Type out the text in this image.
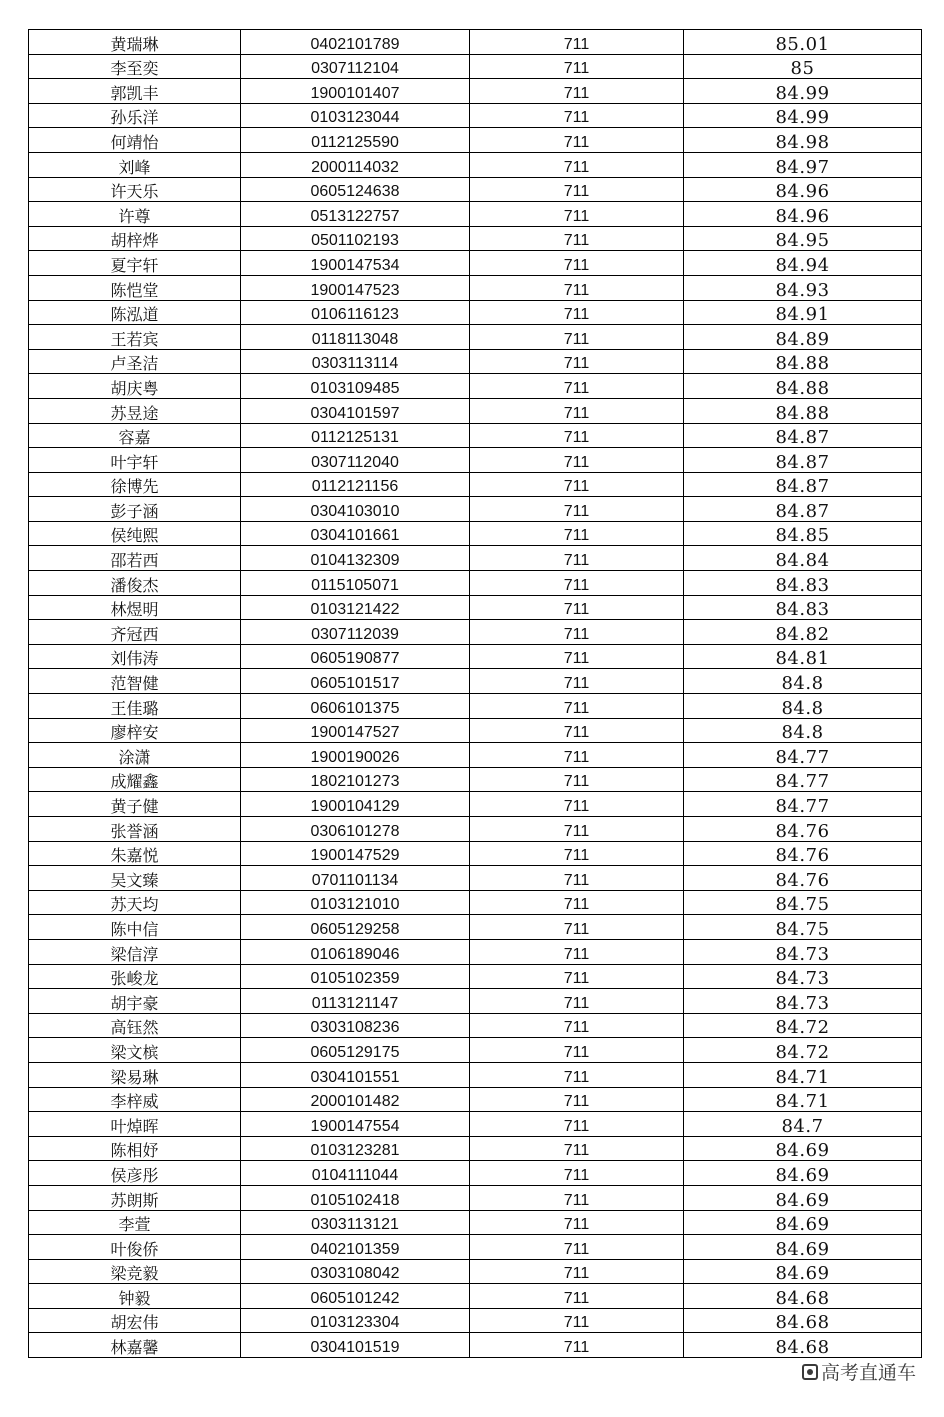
黄瑞琳	0402101789	711	85.01
李至奕	0307112104	711	85
郭凯丰	1900101407	711	84.99
孙乐洋	0103123044	711	84.99
何靖怡	0112125590	711	84.98
刘峰	2000114032	711	84.97
许天乐	0605124638	711	84.96
许尊	0513122757	711	84.96
胡梓烨	0501102193	711	84.95
夏宇轩	1900147534	711	84.94
陈恺堂	1900147523	711	84.93
陈泓道	0106116123	711	84.91
王若宾	0118113048	711	84.89
卢圣洁	0303113114	711	84.88
胡庆粤	0103109485	711	84.88
苏昱途	0304101597	711	84.88
容嘉	0112125131	711	84.87
叶宇轩	0307112040	711	84.87
徐博先	0112121156	711	84.87
彭子涵	0304103010	711	84.87
侯纯熙	0304101661	711	84.85
邵若西	0104132309	711	84.84
潘俊杰	0115105071	711	84.83
林煜明	0103121422	711	84.83
齐冠西	0307112039	711	84.82
刘伟涛	0605190877	711	84.81
范智健	0605101517	711	84.8
王佳璐	0606101375	711	84.8
廖梓安	1900147527	711	84.8
涂潇	1900190026	711	84.77
成耀鑫	1802101273	711	84.77
黄子健	1900104129	711	84.77
张誉涵	0306101278	711	84.76
朱嘉悦	1900147529	711	84.76
吴文臻	0701101134	711	84.76
苏天均	0103121010	711	84.75
陈中信	0605129258	711	84.75
梁信淳	0106189046	711	84.73
张峻龙	0105102359	711	84.73
胡宇豪	0113121147	711	84.73
高钰然	0303108236	711	84.72
梁文槟	0605129175	711	84.72
梁易琳	0304101551	711	84.71
李梓威	2000101482	711	84.71
叶焯晖	1900147554	711	84.7
陈相妤	0103123281	711	84.69
侯彦彤	0104111044	711	84.69
苏朗斯	0105102418	711	84.69
李萱	0303113121	711	84.69
叶俊侨	0402101359	711	84.69
梁竞毅	0303108042	711	84.69
钟毅	0605101242	711	84.68
胡宏伟	0103123304	711	84.68
林嘉馨	0304101519	711	84.68
高考直通车
